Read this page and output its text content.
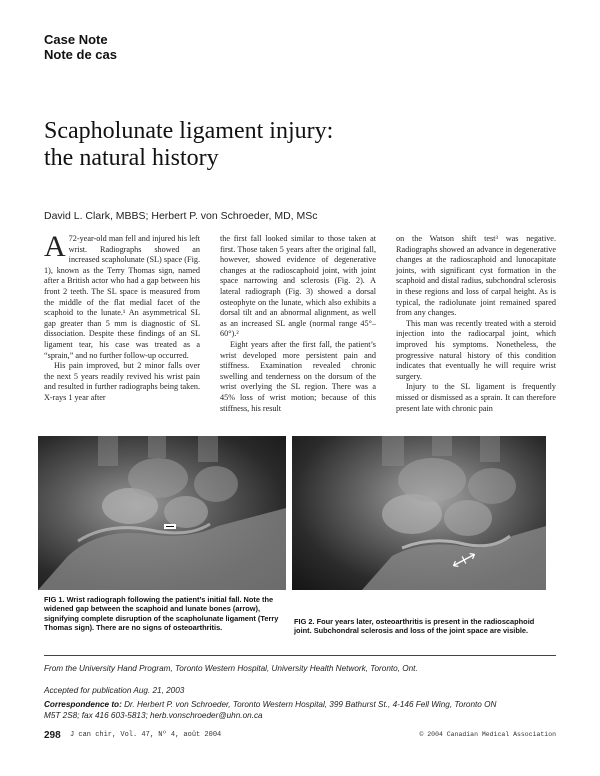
Case Note
Note de cas
Scapholunate ligament injury:
the natural history
David L. Clark, MBBS; Herbert P. von Schroeder, MD, MSc

A 72-year-old man fell and injured his left wrist. Radiographs showed an increased scapholunate (SL) space (Fig. 1), known as the Terry Thomas sign, named after a British actor who had a gap between his front 2 teeth. The SL space is measured from the middle of the flat medial facet of the scaphoid to the lunate.¹ An asymmetrical SL gap greater than 5 mm is diagnostic of SL dissociation. Despite these findings of an SL ligament tear, his case was treated as a “sprain,” and no further follow-up occurred.

His pain improved, but 2 minor falls over the next 5 years readily revived his wrist pain and resulted in further radiographs being taken. X-rays 1 year after

the first fall looked similar to those taken at first. Those taken 5 years after the original fall, however, showed evidence of degenerative changes at the radioscaphoid joint, with joint space narrowing and sclerosis (Fig. 2). A lateral radiograph (Fig. 3) showed a dorsal osteophyte on the lunate, which also exhibits a dorsal tilt and an abnormal alignment, as well as an increased SL angle (normal range 45°–60°).²

Eight years after the first fall, the patient’s wrist developed more persistent pain and stiffness. Examination revealed chronic swelling and tenderness on the dorsum of the wrist overlying the SL region. There was a 45% loss of wrist motion; because of this stiffness, his result

on the Watson shift test³ was negative. Radiographs showed an advance in degenerative changes at the radioscaphoid and lunocapitate joints, with significant cyst formation in the scaphoid and distal radius, subchondral sclerosis in these regions and loss of carpal height. As is typical, the radiolunate joint remained spared from any changes.

This man was recently treated with a steroid injection into the radiocarpal joint, which improved his symptoms. Nonetheless, the progressive natural history of this condition indicates that eventually he will require wrist surgery.

Injury to the SL ligament is frequently missed or dismissed as a sprain. It can therefore present late with chronic pain

FIG 1. Wrist radiograph following the patient’s initial fall. Note the widened gap between the scaphoid and lunate bones (arrow), signifying complete disruption of the scapholunate ligament (Terry Thomas sign). There are no signs of osteoarthritis.
FIG 2. Four years later, osteoarthritis is present in the radioscaphoid joint. Subchondral sclerosis and loss of the joint space are visible.
From the University Hand Program, Toronto Western Hospital, University Health Network, Toronto, Ont.
Accepted for publication Aug. 21, 2003
Correspondence to: Dr. Herbert P. von Schroeder, Toronto Western Hospital, 399 Bathurst St., 4-146 Fell Wing, Toronto ON M5T 2S8; fax 416 603-5813; herb.vonschroeder@uhn.on.ca
298 J can chir, Vol. 47, Nº 4, août 2004	© 2004 Canadian Medical Association
